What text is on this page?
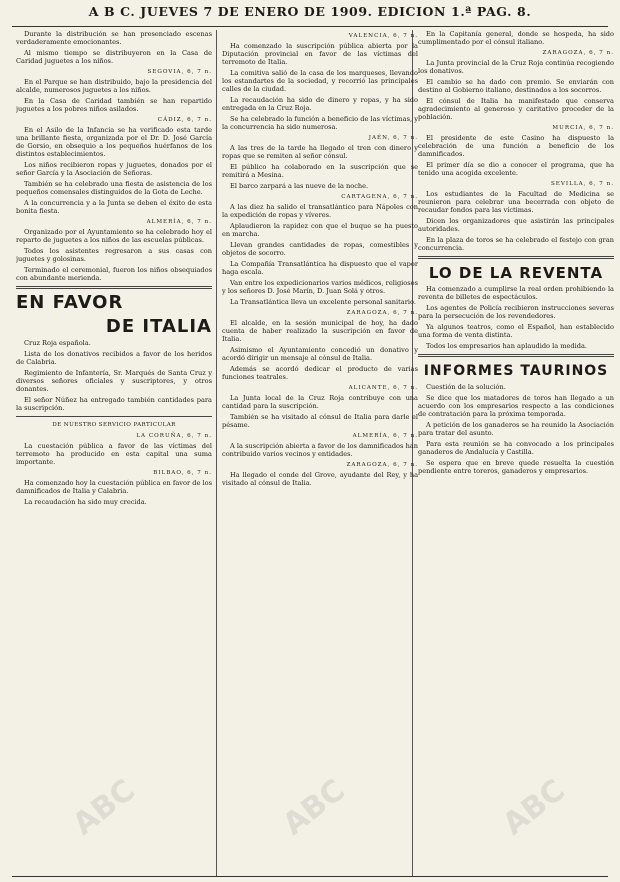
A B C. JUEVES 7 DE ENERO DE 1909. EDICION 1.ª PAG. 8.

Durante la distribución se han presenciado escenas verdaderamente emocionantes.

Al mismo tiempo se distribuyeron en la Casa de Caridad juguetes a los niños.

SEGOVIA, 6, 7 n.

En el Parque se han distribuido, bajo la presidencia del alcalde, numerosos juguetes a los niños.

En la Casa de Caridad también se han repartido juguetes a los pobres niños asilados.

CÁDIZ, 6, 7 n.

En el Asilo de la Infancia se ha verificado esta tarde una brillante fiesta, organizada por el Dr. D. José García de Gorsio, en obsequio a los pequeños huérfanos de los distintos establecimientos.

Los niños recibieron ropas y juguetes, donados por el señor García y la Asociación de Señoras.

También se ha celebrado una fiesta de asistencia de los pequeños comensales distinguidos de la Gota de Leche.

A la concurrencia y a la Junta se deben el éxito de esta bonita fiesta.

ALMERÍA, 6, 7 n.

Organizado por el Ayuntamiento se ha celebrado hoy el reparto de juguetes a los niños de las escuelas públicas.

Todos los asistentes regresaron a sus casas con juguetes y golosinas.

Terminado el ceremonial, fueron los niños obsequiados con abundante merienda.

EN FAVOR
DE ITALIA

Cruz Roja española.

Lista de los donativos recibidos a favor de los heridos de Calabria.

Regimiento de Infantería, Sr. Marqués de Santa Cruz y diversos señores oficiales y suscriptores, y otros donantes.

El señor Núñez ha entregado también cantidades para la suscripción.

DE NUESTRO SERVICIO PARTICULAR

LA CORUÑA, 6, 7 n.

La cuestación pública a favor de las víctimas del terremoto ha producido en esta capital una suma importante.

BILBAO, 6, 7 n.

Ha comenzado hoy la cuestación pública en favor de los damnificados de Italia y Calabria.

La recaudación ha sido muy crecida.

VALENCIA, 6, 7 n.

Ha comenzado la suscripción pública abierta por la Diputación provincial en favor de las víctimas del terremoto de Italia.

La comitiva salió de la casa de los marqueses, llevando los estandartes de la sociedad, y recorrió las principales calles de la ciudad.

La recaudación ha sido de dinero y ropas, y ha sido entregada en la Cruz Roja.

Se ha celebrado la función a beneficio de las víctimas, y la concurrencia ha sido numerosa.

JAÉN, 6, 7 n.

A las tres de la tarde ha llegado el tren con dinero y ropas que se remiten al señor cónsul.

El público ha colaborado en la suscripción que se remitirá a Mesina.

El barco zarpará a las nueve de la noche.

CARTAGENA, 6, 7 n.

A las diez ha salido el transatlántico para Nápoles con la expedición de ropas y víveres.

Aplaudieron la rapidez con que el buque se ha puesto en marcha.

Llevan grandes cantidades de ropas, comestibles y objetos de socorro.

La Compañía Transatlántica ha dispuesto que el vapor haga escala.

Van entre los expedicionarios varios médicos, religiosos y los señores D. José Marín, D. Juan Solá y otros.

La Transatlántica lleva un excelente personal sanitario.

ZARAGOZA, 6, 7 n.

El alcalde, en la sesión municipal de hoy, ha dado cuenta de haber realizado la suscripción en favor de Italia.

Asimismo el Ayuntamiento concedió un donativo y acordó dirigir un mensaje al cónsul de Italia.

Además se acordó dedicar el producto de varias funciones teatrales.

ALICANTE, 6, 7 n.

La Junta local de la Cruz Roja contribuye con una cantidad para la suscripción.

También se ha visitado al cónsul de Italia para darle el pésame.

ALMERÍA, 6, 7 n.

A la suscripción abierta a favor de los damnificados han contribuido varios vecinos y entidades.

ZARAGOZA, 6, 7 n.

Ha llegado el conde del Grove, ayudante del Rey, y ha visitado al cónsul de Italia.

En la Capitanía general, donde se hospeda, ha sido cumplimentado por el cónsul italiano.

ZARAGOZA, 6, 7 n.

La Junta provincial de la Cruz Roja continúa recogiendo los donativos.

El cambio se ha dado con premio. Se enviarán con destino al Gobierno italiano, destinados a los socorros.

El cónsul de Italia ha manifestado que conserva agradecimiento al generoso y caritativo proceder de la población.

MURCIA, 6, 7 n.

El presidente de este Casino ha dispuesto la celebración de una función a beneficio de los damnificados.

El primer día se dio a conocer el programa, que ha tenido una acogida excelente.

SEVILLA, 6, 7 n.

Los estudiantes de la Facultad de Medicina se reunieron para celebrar una becerrada con objeto de recaudar fondos para las víctimas.

Dicen los organizadores que asistirán las principales autoridades.

En la plaza de toros se ha celebrado el festejo con gran concurrencia.

LO DE LA REVENTA

Ha comenzado a cumplirse la real orden prohibiendo la reventa de billetes de espectáculos.

Los agentes de Policía recibieron instrucciones severas para la persecución de los revendedores.

Ya algunos teatros, como el Español, han establecido una forma de venta distinta.

Todos los empresarios han aplaudido la medida.

INFORMES TAURINOS

Cuestión de la solución.

Se dice que los matadores de toros han llegado a un acuerdo con los empresarios respecto a las condiciones de contratación para la próxima temporada.

A petición de los ganaderos se ha reunido la Asociación para tratar del asunto.

Para esta reunión se ha convocado a los principales ganaderos de Andalucía y Castilla.

Se espera que en breve quede resuelta la cuestión pendiente entre toreros, ganaderos y empresarios.

ABC	ABC	ABC
